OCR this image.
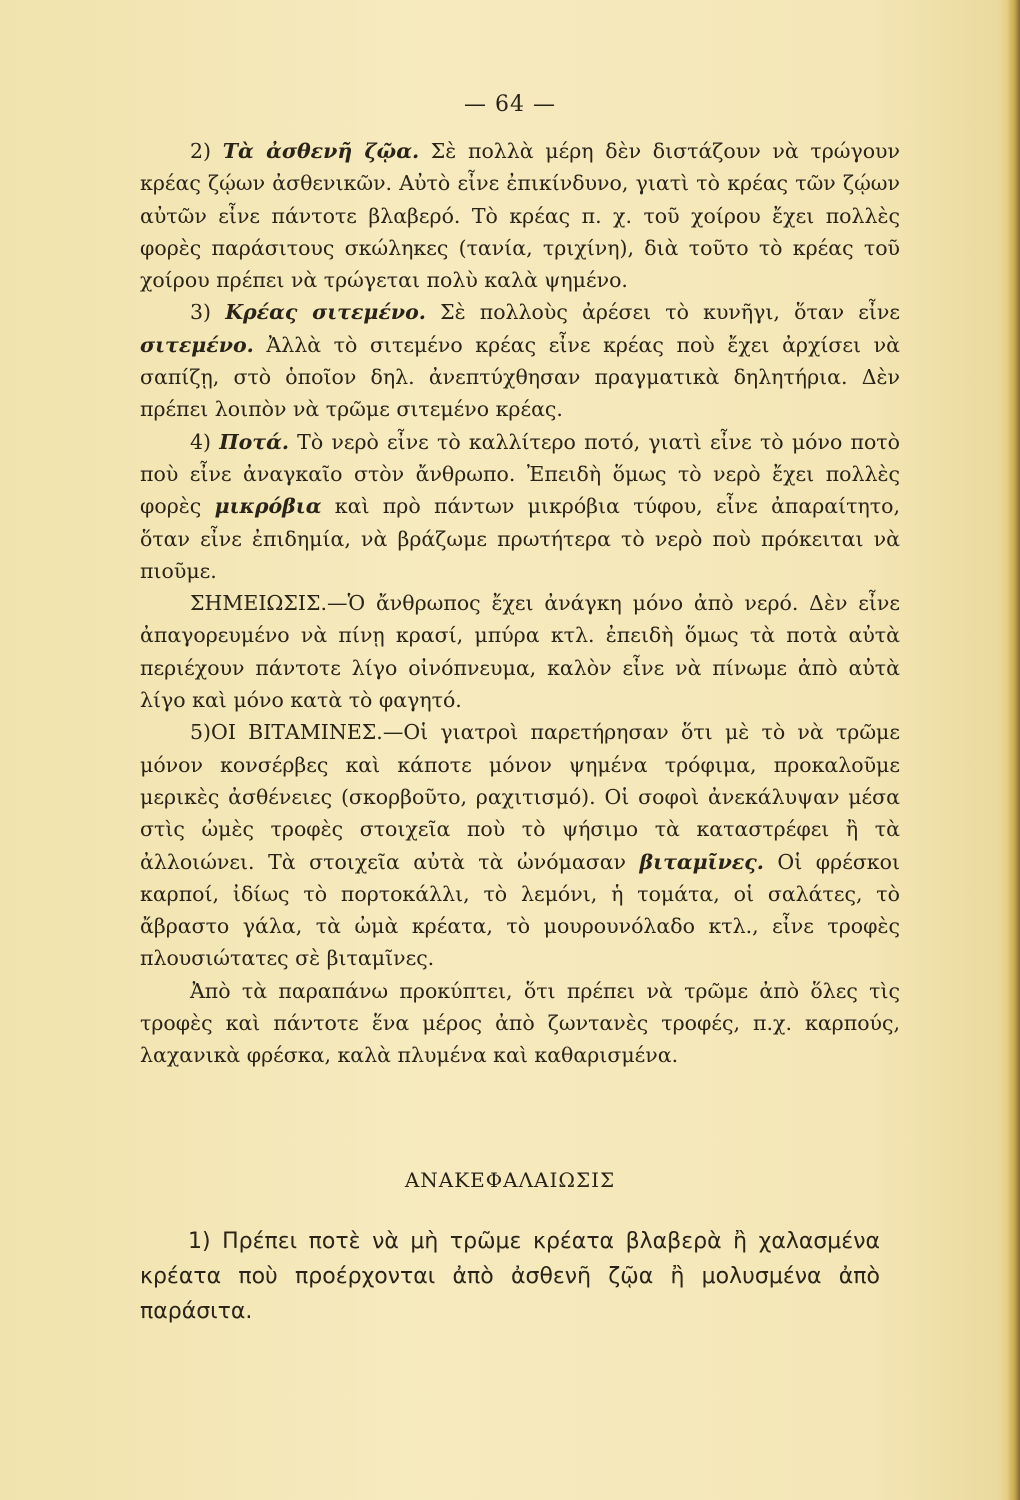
— 64 —

2) Τὰ ἀσθενῆ ζῷα. Σὲ πολλὰ μέρη δὲν διστάζουν νὰ τρώγουν κρέας ζῴων ἀσθενικῶν. Αὐτὸ εἶνε ἐπικίνδυνο, γιατὶ τὸ κρέας τῶν ζῴων αὐτῶν εἶνε πάντοτε βλαβερό. Τὸ κρέας π. χ. τοῦ χοίρου ἔχει πολλὲς φορὲς παράσιτους σκώληκες (τανία, τριχίνη), διὰ τοῦτο τὸ κρέας τοῦ χοίρου πρέπει νὰ τρώγεται πολὺ καλὰ ψημένο.

3) Κρέας σιτεμένο. Σὲ πολλοὺς ἀρέσει τὸ κυνῆγι, ὅταν εἶνε σιτεμένο. Ἀλλὰ τὸ σιτεμένο κρέας εἶνε κρέας ποὺ ἔχει ἀρχίσει νὰ σαπίζῃ, στὸ ὁποῖον δηλ. ἀνεπτύχθησαν πραγματικὰ δηλητήρια. Δὲν πρέπει λοιπὸν νὰ τρῶμε σιτεμένο κρέας.

4) Ποτά. Τὸ νερὸ εἶνε τὸ καλλίτερο ποτό, γιατὶ εἶνε τὸ μόνο ποτὸ ποὺ εἶνε ἀναγκαῖο στὸν ἄνθρωπο. Ἐπειδὴ ὅμως τὸ νερὸ ἔχει πολλὲς φορὲς μικρόβια καὶ πρὸ πάντων μικρόβια τύφου, εἶνε ἀπαραίτητο, ὅταν εἶνε ἐπιδημία, νὰ βράζωμε πρωτήτερα τὸ νερὸ ποὺ πρόκειται νὰ πιοῦμε.

ΣΗΜΕΙΩΣΙΣ.—Ὁ ἄνθρωπος ἔχει ἀνάγκη μόνο ἀπὸ νερό. Δὲν εἶνε ἀπαγορευμένο νὰ πίνῃ κρασί, μπύρα κτλ. ἐπειδὴ ὅμως τὰ ποτὰ αὐτὰ περιέχουν πάντοτε λίγο οἰνόπνευμα, καλὸν εἶνε νὰ πίνωμε ἀπὸ αὐτὰ λίγο καὶ μόνο κατὰ τὸ φαγητό.

5)ΟΙ ΒΙΤΑΜΙΝΕΣ.—Οἱ γιατροὶ παρετήρησαν ὅτι μὲ τὸ νὰ τρῶμε μόνον κονσέρβες καὶ κάποτε μόνον ψημένα τρόφιμα, προκαλοῦμε μερικὲς ἀσθένειες (σκορβοῦτο, ραχιτισμό). Οἱ σοφοὶ ἀνεκάλυψαν μέσα στὶς ὠμὲς τροφὲς στοιχεῖα ποὺ τὸ ψήσιμο τὰ καταστρέφει ἢ τὰ ἀλλοιώνει. Τὰ στοιχεῖα αὐτὰ τὰ ὠνόμασαν βιταμῖνες. Οἱ φρέσκοι καρποί, ἰδίως τὸ πορτοκάλλι, τὸ λεμόνι, ἡ τομάτα, οἱ σαλάτες, τὸ ἄβραστο γάλα, τὰ ὠμὰ κρέατα, τὸ μουρουνόλαδο κτλ., εἶνε τροφὲς πλουσιώτατες σὲ βιταμῖνες.

Ἀπὸ τὰ παραπάνω προκύπτει, ὅτι πρέπει νὰ τρῶμε ἀπὸ ὅλες τὶς τροφὲς καὶ πάντοτε ἕνα μέρος ἀπὸ ζωντανὲς τροφές, π.χ. καρπούς, λαχανικὰ φρέσκα, καλὰ πλυμένα καὶ καθαρισμένα.

ΑΝΑΚΕΦΑΛΑΙΩΣΙΣ

1) Πρέπει ποτὲ νὰ μὴ τρῶμε κρέατα βλαβερὰ ἢ χαλασμένα κρέατα ποὺ προέρχονται ἀπὸ ἀσθενῆ ζῷα ἢ μολυσμένα ἀπὸ παράσιτα.
